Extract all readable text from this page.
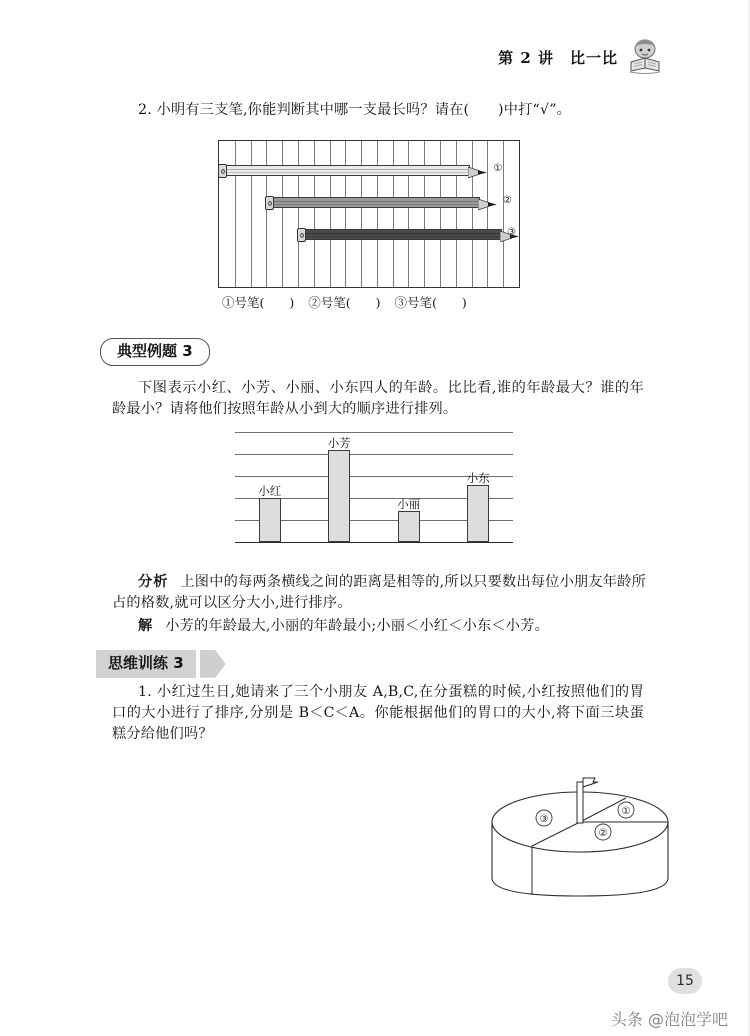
第 2 讲　比一比
2. 小明有三支笔,你能判断其中哪一支最长吗？请在(　　)中打“√”。
①
②
③
①号笔(　　) ②号笔(　　) ③号笔(　　)
典型例题 3
下图表示小红、小芳、小丽、小东四人的年龄。比比看,谁的年龄最大？谁的年龄最小？请将他们按照年龄从小到大的顺序进行排列。
小红
小芳
小丽
小东
分析 上图中的每两条横线之间的距离是相等的,所以只要数出每位小朋友年龄所占的格数,就可以区分大小,进行排序。
解 小芳的年龄最大,小丽的年龄最小;小丽＜小红＜小东＜小芳。
思维训练 3
1. 小红过生日,她请来了三个小朋友 A,B,C,在分蛋糕的时候,小红按照他们的胃口的大小进行了排序,分别是 B＜C＜A。你能根据他们的胃口的大小,将下面三块蛋糕分给他们吗？
①
②
③
15
头条 @泡泡学吧
